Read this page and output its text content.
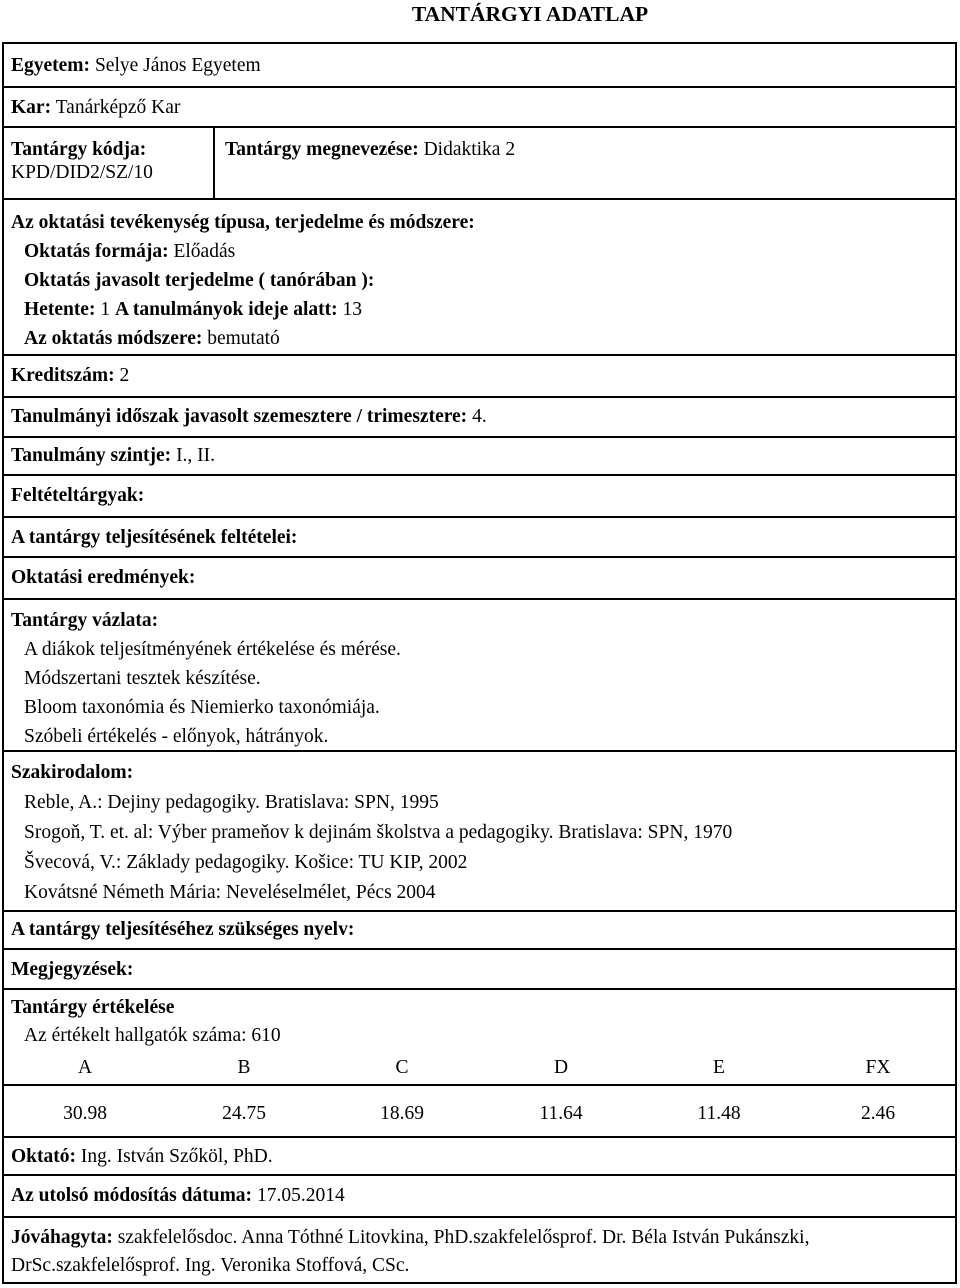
TANTÁRGYI ADATLAP
Egyetem: Selye János Egyetem
Kar: Tanárképző Kar
Tantárgy kódja:
KPD/DID2/SZ/10
Tantárgy megnevezése: Didaktika 2
Az oktatási tevékenység típusa, terjedelme és módszere:
Oktatás formája: Előadás
Oktatás javasolt terjedelme ( tanórában ):
Hetente: 1 A tanulmányok ideje alatt: 13
Az oktatás módszere: bemutató
Kreditszám: 2
Tanulmányi időszak javasolt szemesztere / trimesztere: 4.
Tanulmány szintje: I., II.
Feltételtárgyak:
A tantárgy teljesítésének feltételei:
Oktatási eredmények:
Tantárgy vázlata:
A diákok teljesítményének értékelése és mérése.
Módszertani tesztek készítése.
Bloom taxonómia és Niemierko taxonómiája.
Szóbeli értékelés - előnyok, hátrányok.
Szakirodalom:
Reble, A.: Dejiny pedagogiky. Bratislava: SPN, 1995
Srogoň, T. et. al: Výber prameňov k dejinám školstva a pedagogiky. Bratislava: SPN, 1970
Švecová, V.: Základy pedagogiky. Košice: TU KIP, 2002
Kovátsné Németh Mária: Neveléselmélet, Pécs 2004
A tantárgy teljesítéséhez szükséges nyelv:
Megjegyzések:
Tantárgy értékelése
Az értékelt hallgatók száma: 610
A	B	C	D	E	FX
30.98	24.75	18.69	11.64	11.48	2.46
Oktató: Ing. István Szőköl, PhD.
Az utolsó módosítás dátuma: 17.05.2014
Jóváhagyta: szakfelelősdoc. Anna Tóthné Litovkina, PhD.szakfelelősprof. Dr. Béla István Pukánszki, DrSc.szakfelelősprof. Ing. Veronika Stoffová, CSc.
